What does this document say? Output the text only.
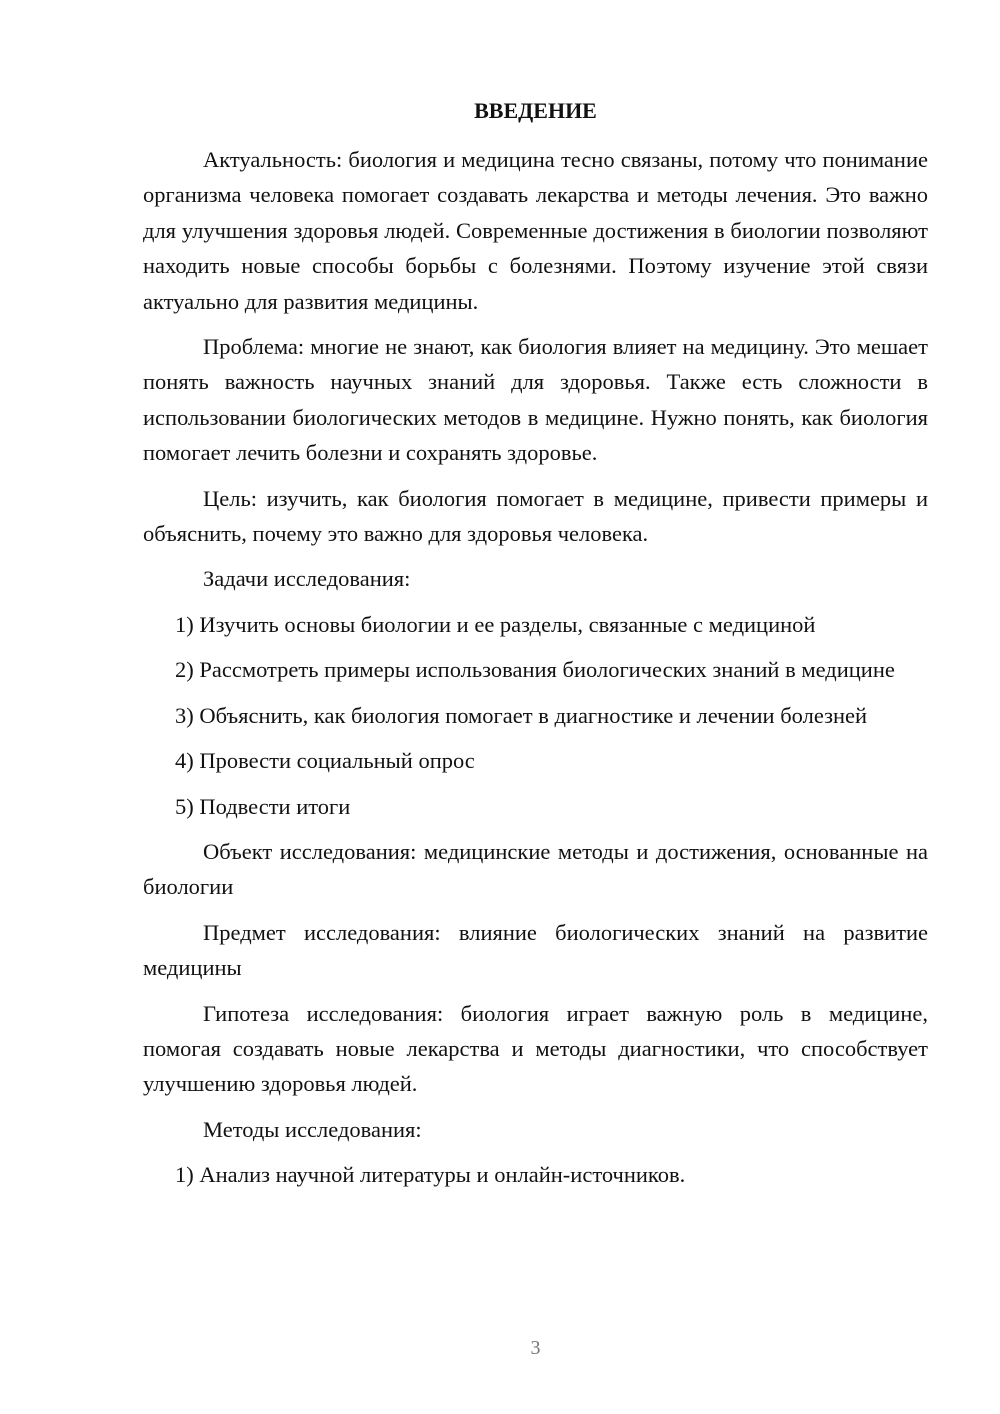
ВВЕДЕНИЕ

Актуальность: биология и медицина тесно связаны, потому что понимание организма человека помогает создавать лекарства и методы лечения. Это важно для улучшения здоровья людей. Современные достижения в биологии позволяют находить новые способы борьбы с болезнями. Поэтому изучение этой связи актуально для развития медицины.

Проблема: многие не знают, как биология влияет на медицину. Это мешает понять важность научных знаний для здоровья. Также есть сложности в использовании биологических методов в медицине. Нужно понять, как биология помогает лечить болезни и сохранять здоровье.

Цель: изучить, как биология помогает в медицине, привести примеры и объяснить, почему это важно для здоровья человека.

Задачи исследования:

1) Изучить основы биологии и ее разделы, связанные с медициной

2) Рассмотреть примеры использования биологических знаний в медицине

3) Объяснить, как биология помогает в диагностике и лечении болезней

4) Провести социальный опрос

5) Подвести итоги

Объект исследования: медицинские методы и достижения, основанные на биологии

Предмет исследования: влияние биологических знаний на развитие медицины

Гипотеза исследования: биология играет важную роль в медицине, помогая создавать новые лекарства и методы диагностики, что способствует улучшению здоровья людей.

Методы исследования:

1) Анализ научной литературы и онлайн-источников.

3
